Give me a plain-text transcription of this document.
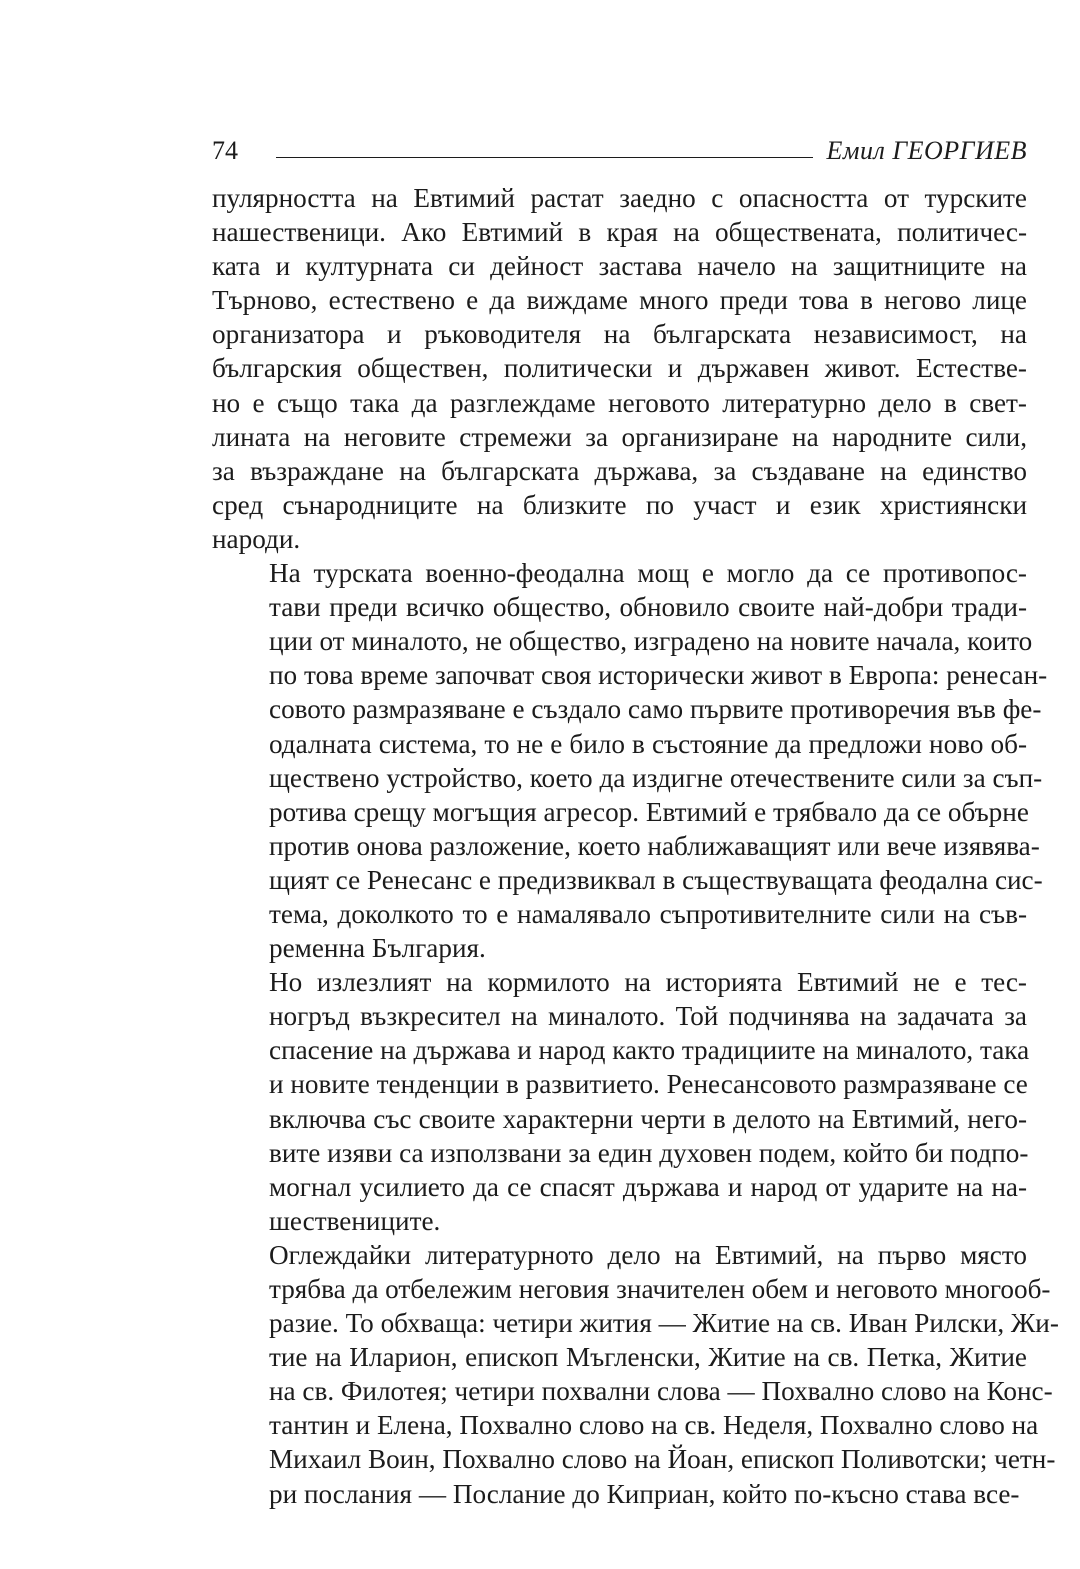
74	Емил ГЕОРГИЕВ

пулярността на Евтимий растат заедно с опасността от турските
нашественици. Ако Евтимий в края на обществената, политичес-
ката и културната си дейност застава начело на защитниците на
Търново, естествено е да виждаме много преди това в негово лице
организатора и ръководителя на българската независимост, на
българския обществен, политически и държавен живот. Естестве-
но е също така да разглеждаме неговото литературно дело в свет-
лината на неговите стремежи за организиране на народните сили,
за възраждане на българската държава, за създаване на единство
сред сънародниците на близките по участ и език християнски
народи.

На турската военно-феодална мощ е могло да се противопос-
тави преди всичко общество, обновило своите най-добри тради-
ции от миналото, не общество, изградено на новите начала, които
по това време започват своя исторически живот в Европа: ренесан-
совото размразяване е създало само първите противоречия във фе-
одалната система, то не е било в състояние да предложи ново об-
ществено устройство, което да издигне отечествените сили за съп-
ротива срещу могъщия агресор. Евтимий е трябвало да се обърне
против онова разложение, което наближаващият или вече изявява-
щият се Ренесанс е предизвиквал в съществуващата феодална сис-
тема, доколкото то е намалявало съпротивителните сили на съв-
ременна България.

Но излезлият на кормилото на историята Евтимий не е тес-
ногръд възкресител на миналото. Той подчинява на задачата за
спасение на държава и народ както традициите на миналото, така
и новите тенденции в развитието. Ренесансовото размразяване се
включва със своите характерни черти в делото на Евтимий, него-
вите изяви са използвани за един духовен подем, който би подпо-
могнал усилието да се спасят държава и народ от ударите на на-
шествениците.

Оглеждайки литературното дело на Евтимий, на първо място
трябва да отбележим неговия значителен обем и неговото многооб-
разие. То обхваща: четири жития — Житие на св. Иван Рилски, Жи-
тие на Иларион, епископ Мъгленски, Житие на св. Петка, Житие
на св. Филотея; четири похвални слова — Похвално слово на Конс-
тантин и Елена, Похвално слово на св. Неделя, Похвално слово на
Михаил Воин, Похвално слово на Йоан, епископ Поливотски; четн-
ри послания — Послание до Киприан, който по-късно става все-
